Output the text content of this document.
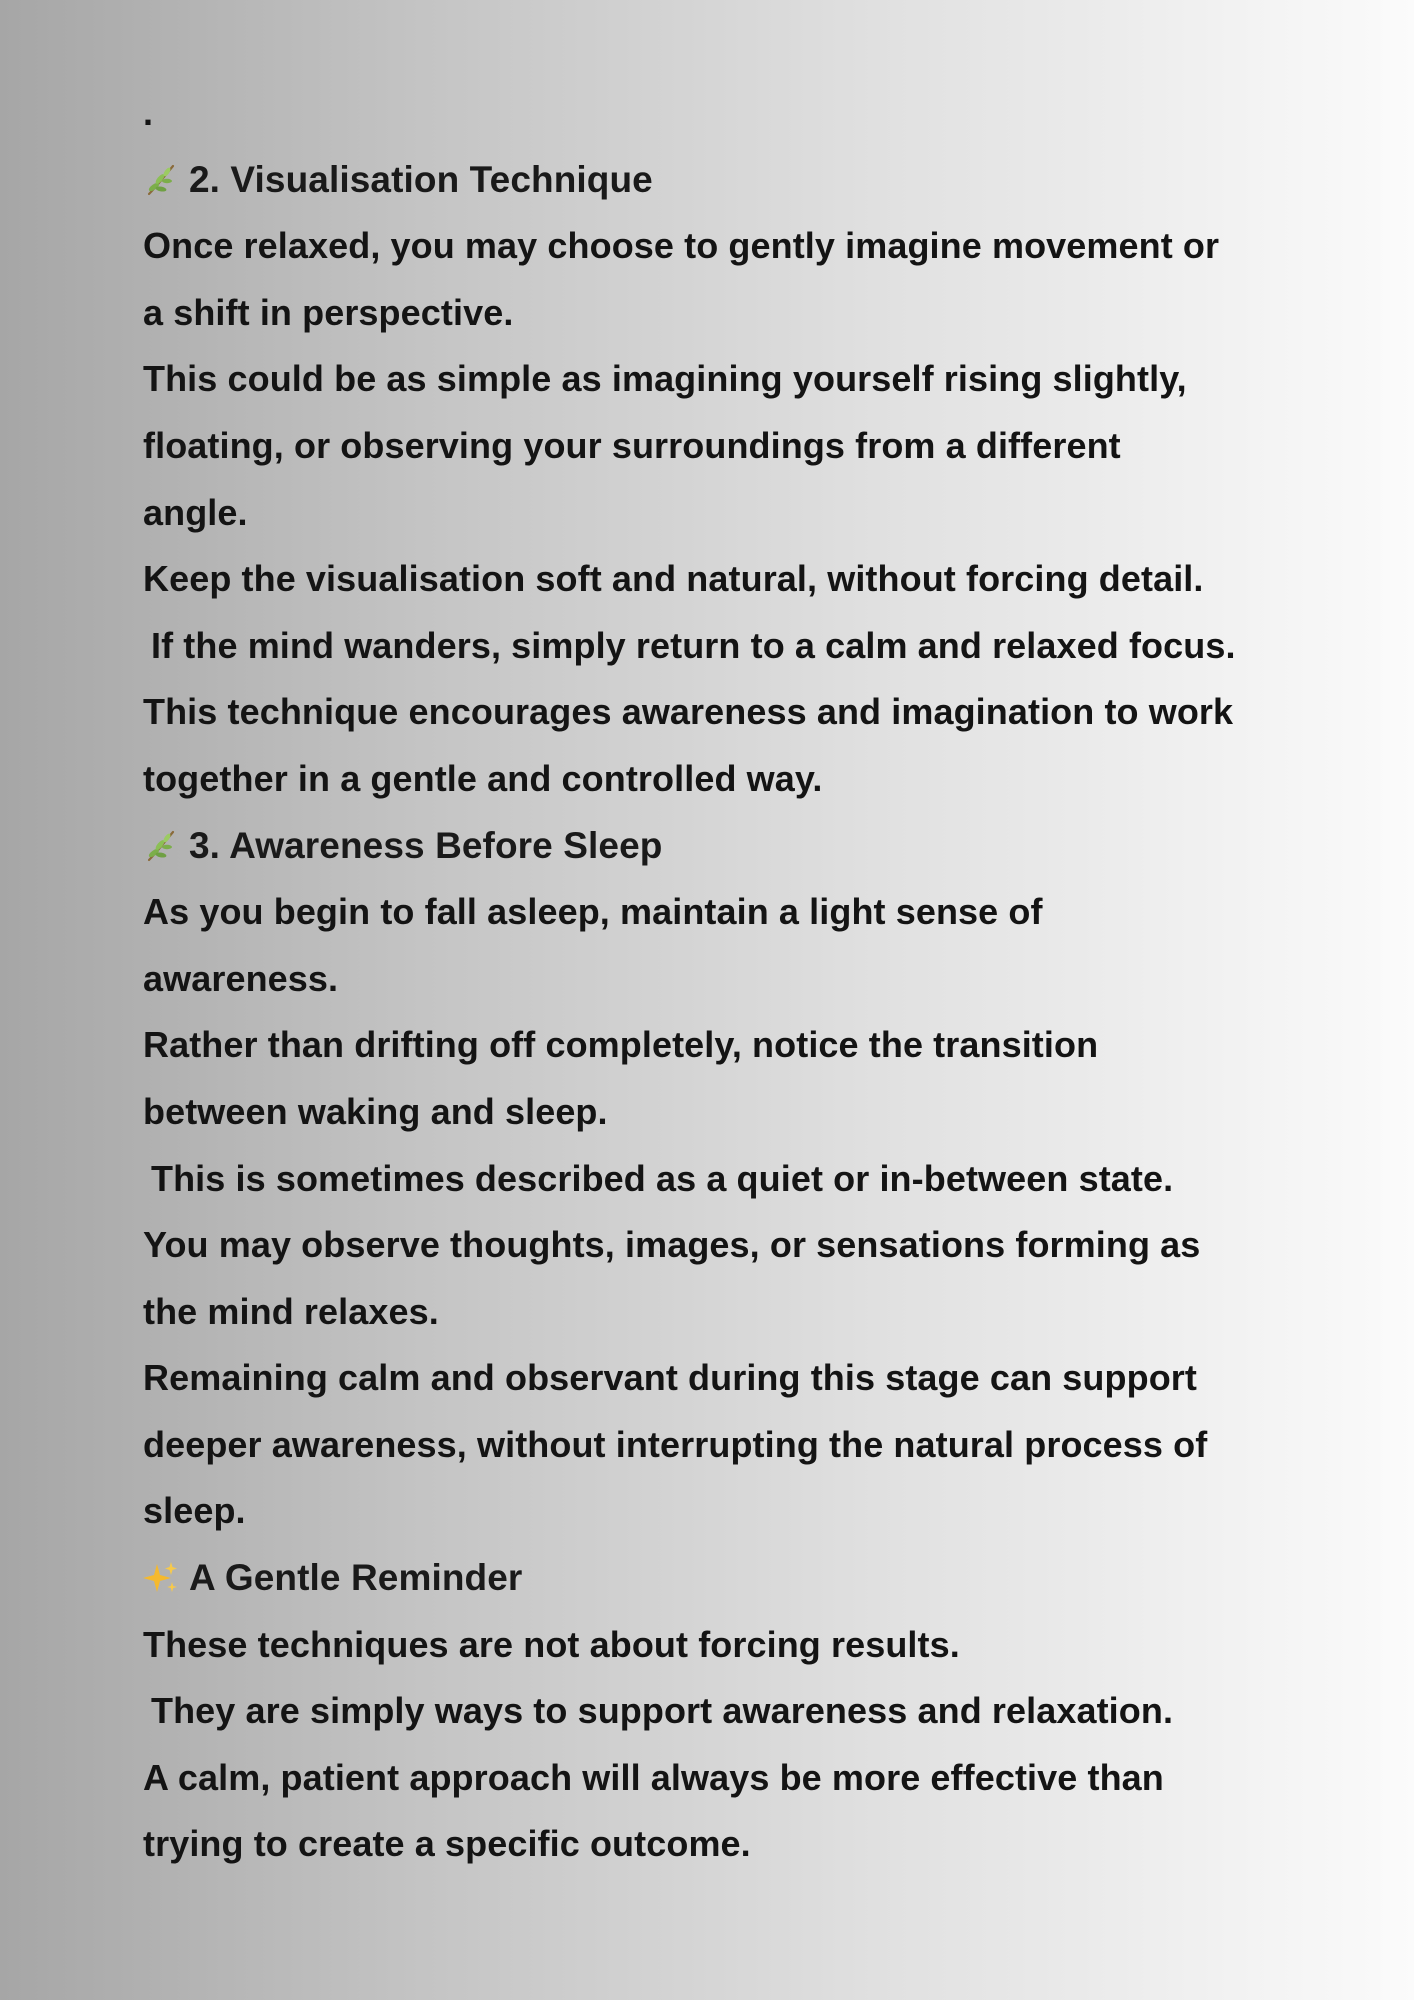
.
2. Visualisation Technique
Once relaxed, you may choose to gently imagine movement or
a shift in perspective.
This could be as simple as imagining yourself rising slightly,
floating, or observing your surroundings from a different
angle.
Keep the visualisation soft and natural, without forcing detail.
If the mind wanders, simply return to a calm and relaxed focus.
This technique encourages awareness and imagination to work
together in a gentle and controlled way.
3. Awareness Before Sleep
As you begin to fall asleep, maintain a light sense of
awareness.
Rather than drifting off completely, notice the transition
between waking and sleep.
This is sometimes described as a quiet or in-between state.
You may observe thoughts, images, or sensations forming as
the mind relaxes.
Remaining calm and observant during this stage can support
deeper awareness, without interrupting the natural process of
sleep.
A Gentle Reminder
These techniques are not about forcing results.
They are simply ways to support awareness and relaxation.
A calm, patient approach will always be more effective than
trying to create a specific outcome.
